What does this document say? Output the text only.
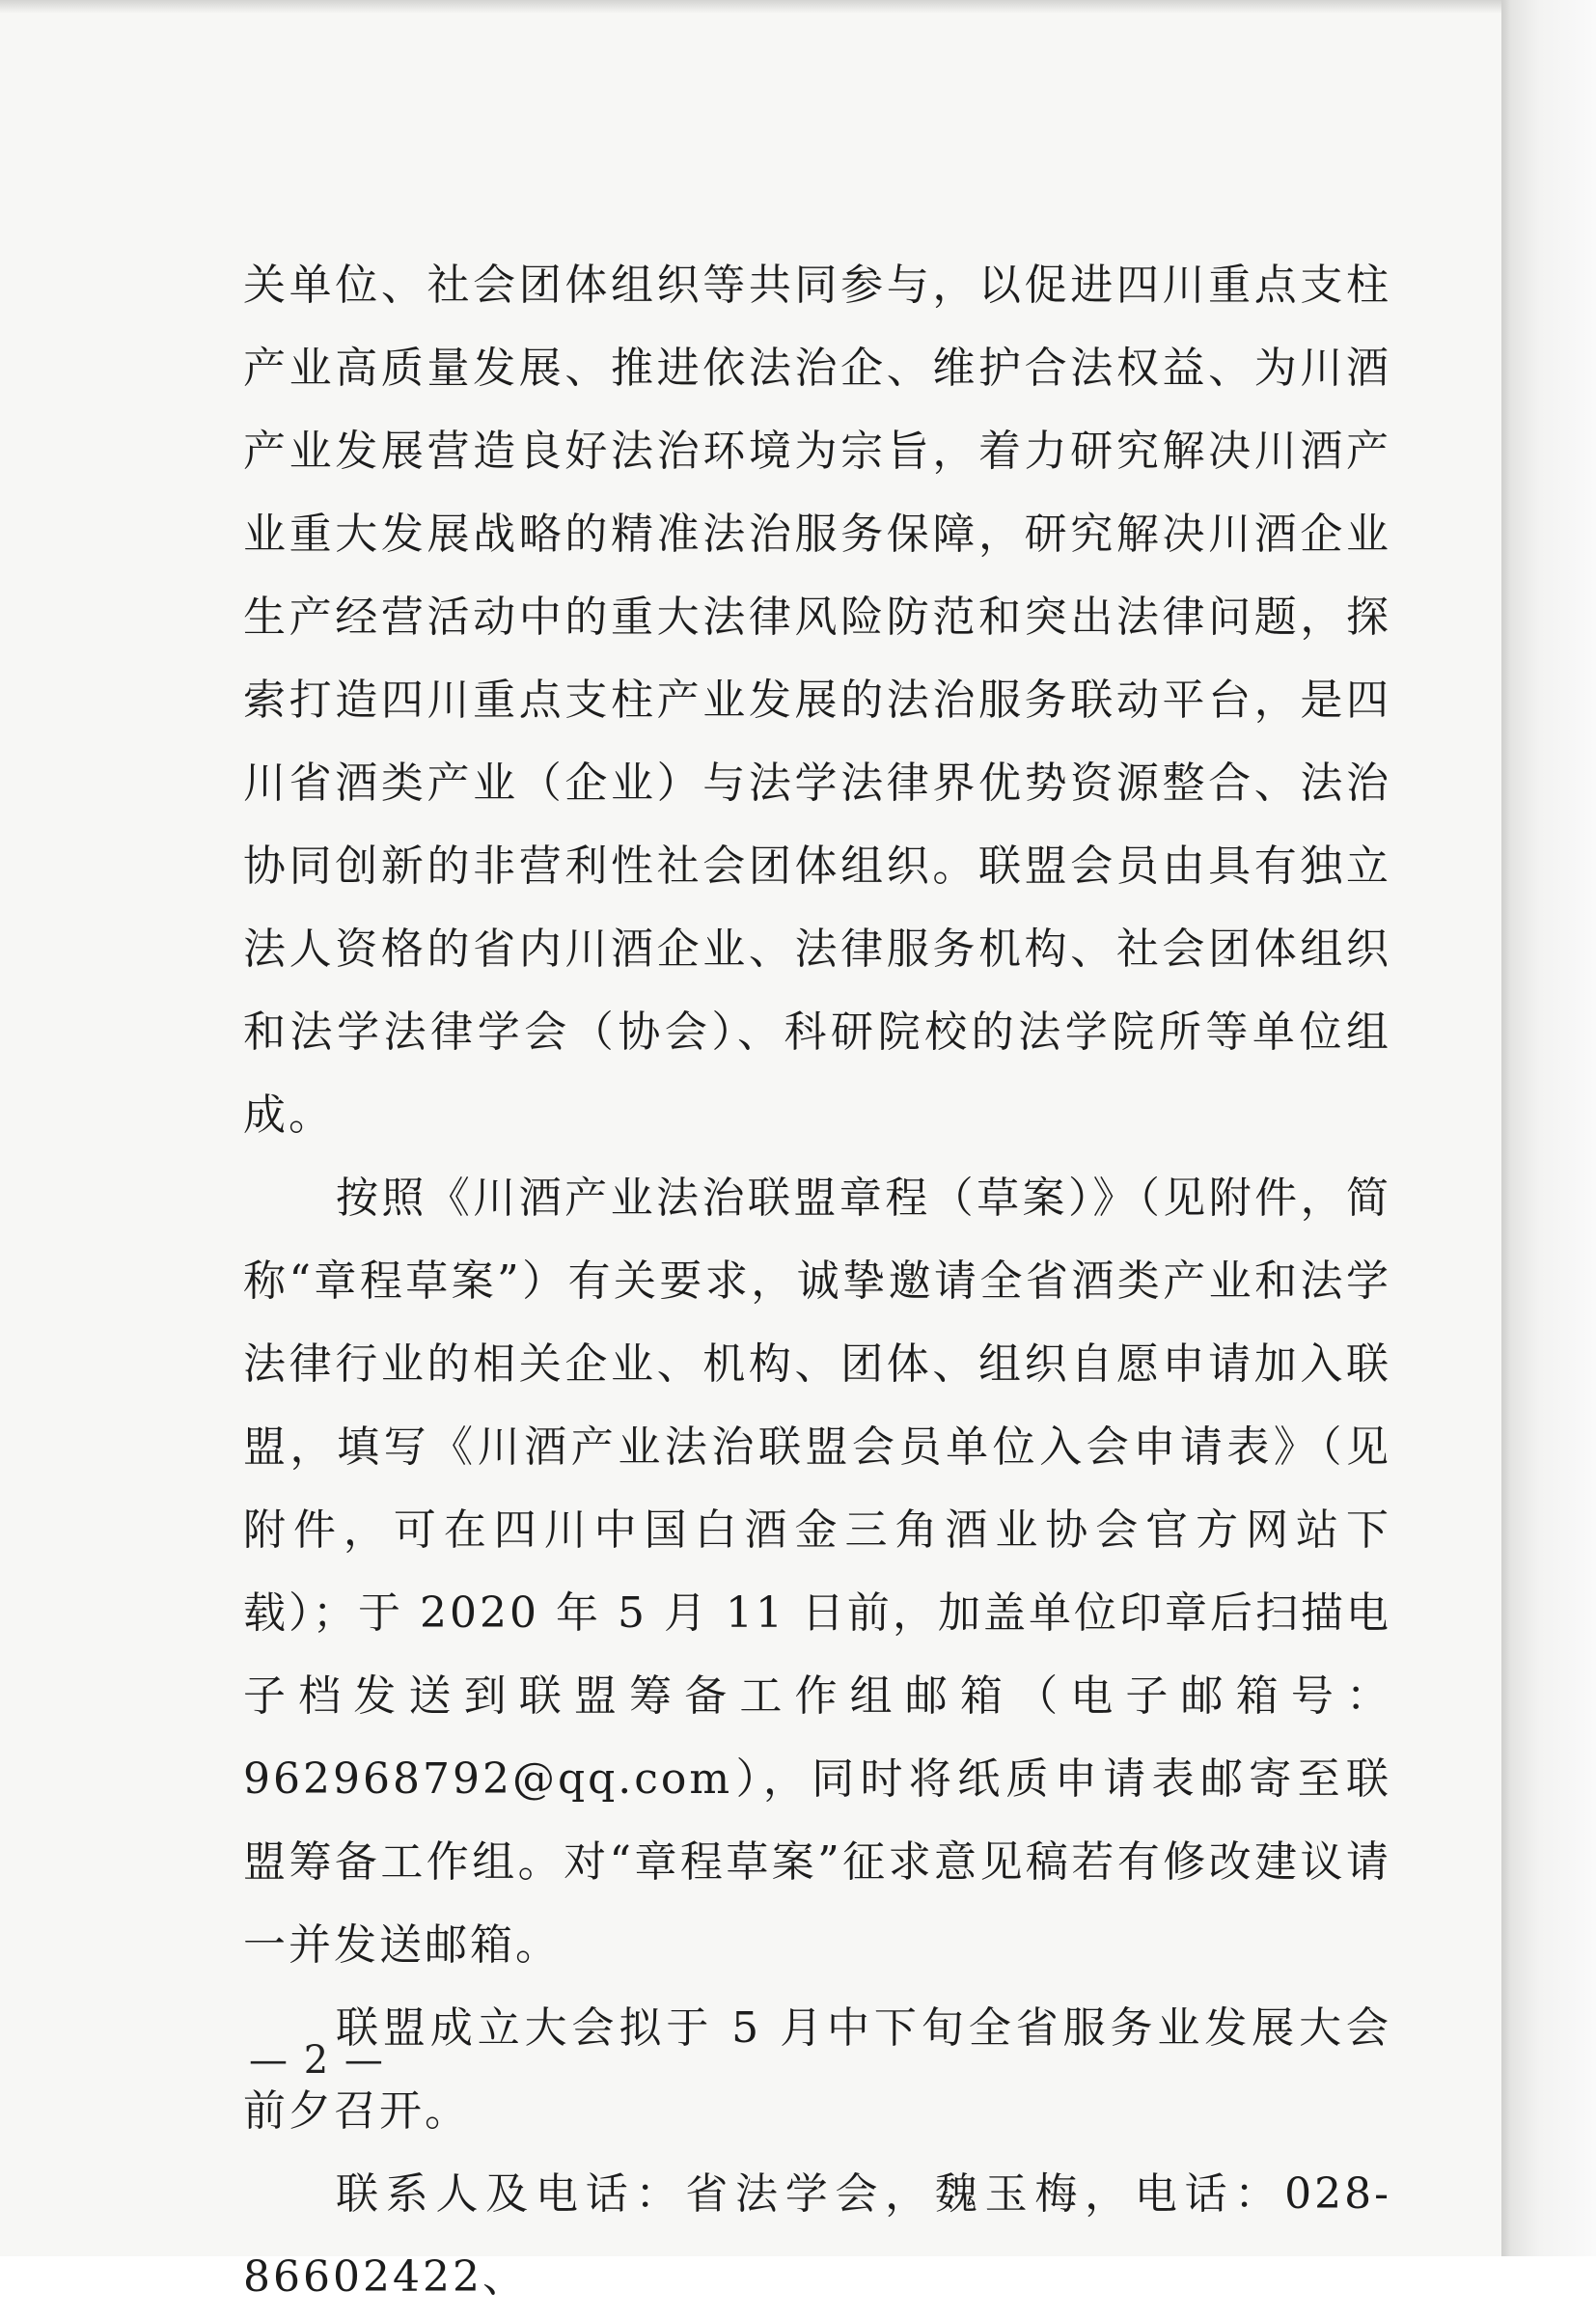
关单位、社会团体组织等共同参与，以促进四川重点支柱产业高质量发展、推进依法治企、维护合法权益、为川酒产业发展营造良好法治环境为宗旨，着力研究解决川酒产业重大发展战略的精准法治服务保障，研究解决川酒企业生产经营活动中的重大法律风险防范和突出法律问题，探索打造四川重点支柱产业发展的法治服务联动平台，是四川省酒类产业（企业）与法学法律界优势资源整合、法治协同创新的非营利性社会团体组织。联盟会员由具有独立法人资格的省内川酒企业、法律服务机构、社会团体组织和法学法律学会（协会）、科研院校的法学院所等单位组成。

按照《川酒产业法治联盟章程（草案）》（见附件，简称“章程草案”）有关要求，诚挚邀请全省酒类产业和法学法律行业的相关企业、机构、团体、组织自愿申请加入联盟，填写《川酒产业法治联盟会员单位入会申请表》（见附件，可在四川中国白酒金三角酒业协会官方网站下载）；于 2020 年 5 月 11 日前，加盖单位印章后扫描电子档发送到联盟筹备工作组邮箱（电子邮箱号：962968792@qq.com），同时将纸质申请表邮寄至联盟筹备工作组。对“章程草案”征求意见稿若有修改建议请一并发送邮箱。

联盟成立大会拟于 5 月中下旬全省服务业发展大会前夕召开。

联系人及电话：省法学会，魏玉梅，电话：028-86602422、

— 2 —
